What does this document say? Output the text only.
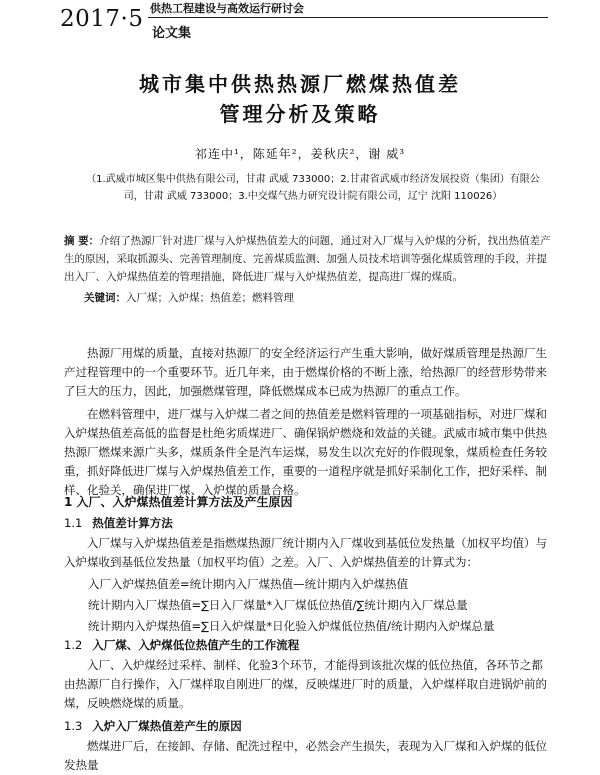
2017·5 供热工程建设与高效运行研讨会
论文集
城市集中供热热源厂燃煤热值差
管理分析及策略
祁连中¹，陈延年²，姜秋庆²，谢 威³
（1.武威市城区集中供热有限公司，甘肃 武威 733000；2.甘肃省武威市经济发展投资（集团）有限公司，甘肃 武威 733000；3.中交煤气热力研究设计院有限公司，辽宁 沈阳 110026）
摘 要：介绍了热源厂针对进厂煤与入炉煤热值差大的问题，通过对入厂煤与入炉煤的分析，找出热值差产生的原因，采取抓源头、完善管理制度、完善煤质监测、加强人员技术培训等强化煤质管理的手段，并提出入厂、入炉煤热值差的管理措施，降低进厂煤与入炉煤热值差，提高进厂煤的煤质。
关键词：入厂煤；入炉煤；热值差；燃料管理

热源厂用煤的质量，直接对热源厂的安全经济运行产生重大影响，做好煤质管理是热源厂生产过程管理中的一个重要环节。近几年来，由于燃煤价格的不断上涨，给热源厂的经营形势带来了巨大的压力，因此，加强燃煤管理，降低燃煤成本已成为热源厂的重点工作。

在燃料管理中，进厂煤与入炉煤二者之间的热值差是燃料管理的一项基础指标，对进厂煤和入炉煤热值差高低的监督是杜绝劣质煤进厂、确保锅炉燃烧和效益的关键。武威市城市集中供热热源厂燃煤来源广头多，煤质条件全是汽车运煤，易发生以次充好的作假现象，煤质检查任务较重，抓好降低进厂煤与入炉煤热值差工作，重要的一道程序就是抓好采制化工作，把好采样、制样、化验关，确保进厂煤、入炉煤的质量合格。

1 入厂、入炉煤热值差计算方法及产生原因
1.1 热值差计算方法

入厂煤与入炉煤热值差是指燃煤热源厂统计期内入厂煤收到基低位发热量（加权平均值）与入炉煤收到基低位发热量（加权平均值）之差。入厂、入炉煤热值差的计算式为：

入厂入炉煤热值差=统计期内入厂煤热值—统计期内入炉煤热值
统计期内入厂煤热值=∑日入厂煤量*入厂煤低位热值/∑统计期内入厂煤总量
统计期内入炉煤热值=∑日入炉煤量*日化验入炉煤低位热值/统计期内入炉煤总量
1.2 入厂煤、入炉煤低位热值产生的工作流程

入厂、入炉煤经过采样、制样、化验3个环节，才能得到该批次煤的低位热值，各环节之都由热源厂自行操作，入厂煤样取自刚进厂的煤，反映煤进厂时的质量，入炉煤样取自进锅炉前的煤，反映燃烧煤的质量。

1.3 入炉入厂煤热值差产生的原因

燃煤进厂后，在接卸、存储、配洗过程中，必然会产生损失，表现为入厂煤和入炉煤的低位发热量
